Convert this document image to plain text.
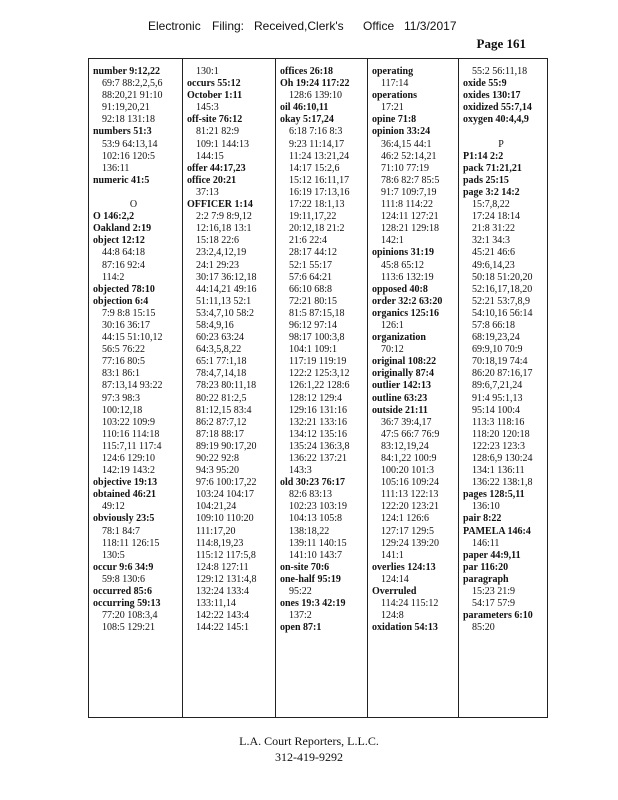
Electronic Filing: Received,Clerk's Office 11/3/2017
Page 161
number 9:12,22
69:7 88:2,2,5,6
88:20,21 91:10
91:19,20,21
92:18 131:18
numbers 51:3
53:9 64:13,14
102:16 120:5
136:11
numeric 41:5

O
O 146:2,2
Oakland 2:19
object 12:12
44:8 64:18
87:16 92:4
114:2
objected 78:10
objection 6:4
7:9 8:8 15:15
30:16 36:17
44:15 51:10,12
56:5 76:22
77:16 80:5
83:1 86:1
87:13,14 93:22
97:3 98:3
100:12,18
103:22 109:9
110:16 114:18
115:7,11 117:4
124:6 129:10
142:19 143:2
objective 19:13
obtained 46:21
49:12
obviously 23:5
78:1 84:7
118:11 126:15
130:5
occur 9:6 34:9
59:8 130:6
occurred 85:6
occurring 59:13
77:20 108:3,4
108:5 129:21
130:1
occurs 55:12
October 1:11
145:3
off-site 76:12
81:21 82:9
109:1 144:13
144:15
offer 44:17,23
office 20:21
37:13
OFFICER 1:14
2:2 7:9 8:9,12
12:16,18 13:1
15:18 22:6
23:2,4,12,19
24:1 29:23
30:17 36:12,18
44:14,21 49:16
51:11,13 52:1
53:4,7,10 58:2
58:4,9,16
60:23 63:24
64:3,5,8,22
65:1 77:1,18
78:4,7,14,18
78:23 80:11,18
80:22 81:2,5
81:12,15 83:4
86:2 87:7,12
87:18 88:17
89:19 90:17,20
90:22 92:8
94:3 95:20
97:6 100:17,22
103:24 104:17
104:21,24
109:10 110:20
111:17,20
114:8,19,23
115:12 117:5,8
124:8 127:11
129:12 131:4,8
132:24 133:4
133:11,14
142:22 143:4
144:22 145:1
offices 26:18
Oh 19:24 117:22
128:6 139:10
oil 46:10,11
okay 5:17,24
6:18 7:16 8:3
9:23 11:14,17
11:24 13:21,24
14:17 15:2,6
15:12 16:11,17
16:19 17:13,16
17:22 18:1,13
19:11,17,22
20:12,18 21:2
21:6 22:4
28:17 44:12
52:1 55:17
57:6 64:21
66:10 68:8
72:21 80:15
81:5 87:15,18
96:12 97:14
98:17 100:3,8
104:1 109:1
117:19 119:19
122:2 125:3,12
126:1,22 128:6
128:12 129:4
129:16 131:16
132:21 133:16
134:12 135:16
135:24 136:3,8
136:22 137:21
143:3
old 30:23 76:17
82:6 83:13
102:23 103:19
104:13 105:8
138:18,22
139:11 140:15
141:10 143:7
on-site 70:6
one-half 95:19
95:22
ones 19:3 42:19
137:2
open 87:1
operating
117:14
operations
17:21
opine 71:8
opinion 33:24
36:4,15 44:1
46:2 52:14,21
71:10 77:19
78:6 82:7 85:5
91:7 109:7,19
111:8 114:22
124:11 127:21
128:21 129:18
142:1
opinions 31:19
45:8 65:12
113:6 132:19
opposed 40:8
order 32:2 63:20
organics 125:16
126:1
organization
70:12
original 108:22
originally 87:4
outlier 142:13
outline 63:23
outside 21:11
36:7 39:4,17
47:5 66:7 76:9
83:12,19,24
84:1,22 100:9
100:20 101:3
105:16 109:24
111:13 122:13
122:20 123:21
124:1 126:6
127:17 129:5
129:24 139:20
141:1
overlies 124:13
124:14
Overruled
114:24 115:12
124:8
oxidation 54:13
55:2 56:11,18
oxide 55:9
oxides 130:17
oxidized 55:7,14
oxygen 40:4,4,9

P
P1:14 2:2
pack 71:21,21
pads 25:15
page 3:2 14:2
15:7,8,22
17:24 18:14
21:8 31:22
32:1 34:3
45:21 46:6
49:6,14,23
50:18 51:20,20
52:16,17,18,20
52:21 53:7,8,9
54:10,16 56:14
57:8 66:18
68:19,23,24
69:9,10 70:9
70:18,19 74:4
86:20 87:16,17
89:6,7,21,24
91:4 95:1,13
95:14 100:4
113:3 118:16
118:20 120:18
122:23 123:3
128:6,9 130:24
134:1 136:11
136:22 138:1,8
pages 128:5,11
136:10
pair 8:22
PAMELA 146:4
146:11
paper 44:9,11
par 116:20
paragraph
15:23 21:9
54:17 57:9
parameters 6:10
85:20
L.A. Court Reporters, L.L.C.
312-419-9292
